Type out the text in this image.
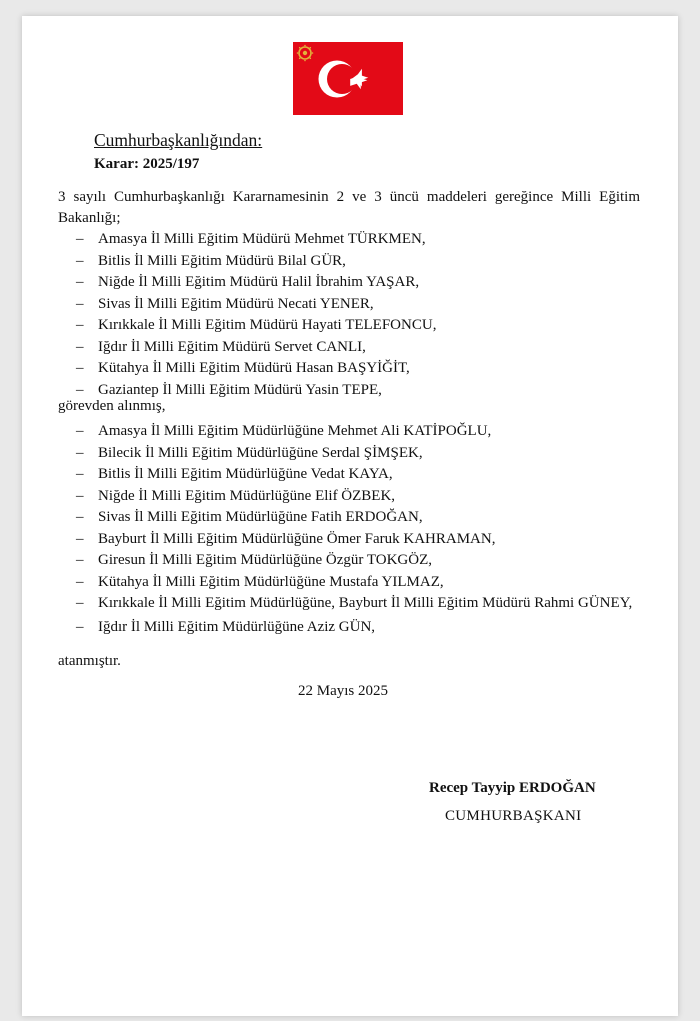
Cumhurbaşkanlığından:
Karar: 2025/197
3 sayılı Cumhurbaşkanlığı Kararnamesinin 2 ve 3 üncü maddeleri gereğince Milli Eğitim Bakanlığı;
– Amasya İl Milli Eğitim Müdürü Mehmet TÜRKMEN,
– Bitlis İl Milli Eğitim Müdürü Bilal GÜR,
– Niğde İl Milli Eğitim Müdürü Halil İbrahim YAŞAR,
– Sivas İl Milli Eğitim Müdürü Necati YENER,
– Kırıkkale İl Milli Eğitim Müdürü Hayati TELEFONCU,
– Iğdır İl Milli Eğitim Müdürü Servet CANLI,
– Kütahya İl Milli Eğitim Müdürü Hasan BAŞYİĞİT,
– Gaziantep İl Milli Eğitim Müdürü Yasin TEPE,
görevden alınmış,
– Amasya İl Milli Eğitim Müdürlüğüne Mehmet Ali KATİPOĞLU,
– Bilecik İl Milli Eğitim Müdürlüğüne Serdal ŞİMŞEK,
– Bitlis İl Milli Eğitim Müdürlüğüne Vedat KAYA,
– Niğde İl Milli Eğitim Müdürlüğüne Elif ÖZBEK,
– Sivas İl Milli Eğitim Müdürlüğüne Fatih ERDOĞAN,
– Bayburt İl Milli Eğitim Müdürlüğüne Ömer Faruk KAHRAMAN,
– Giresun İl Milli Eğitim Müdürlüğüne Özgür TOKGÖZ,
– Kütahya İl Milli Eğitim Müdürlüğüne Mustafa YILMAZ,
– Kırıkkale İl Milli Eğitim Müdürlüğüne, Bayburt İl Milli Eğitim Müdürü Rahmi GÜNEY,
– Iğdır İl Milli Eğitim Müdürlüğüne Aziz GÜN,
atanmıştır.
22 Mayıs 2025
Recep Tayyip ERDOĞAN
CUMHURBAŞKANI
